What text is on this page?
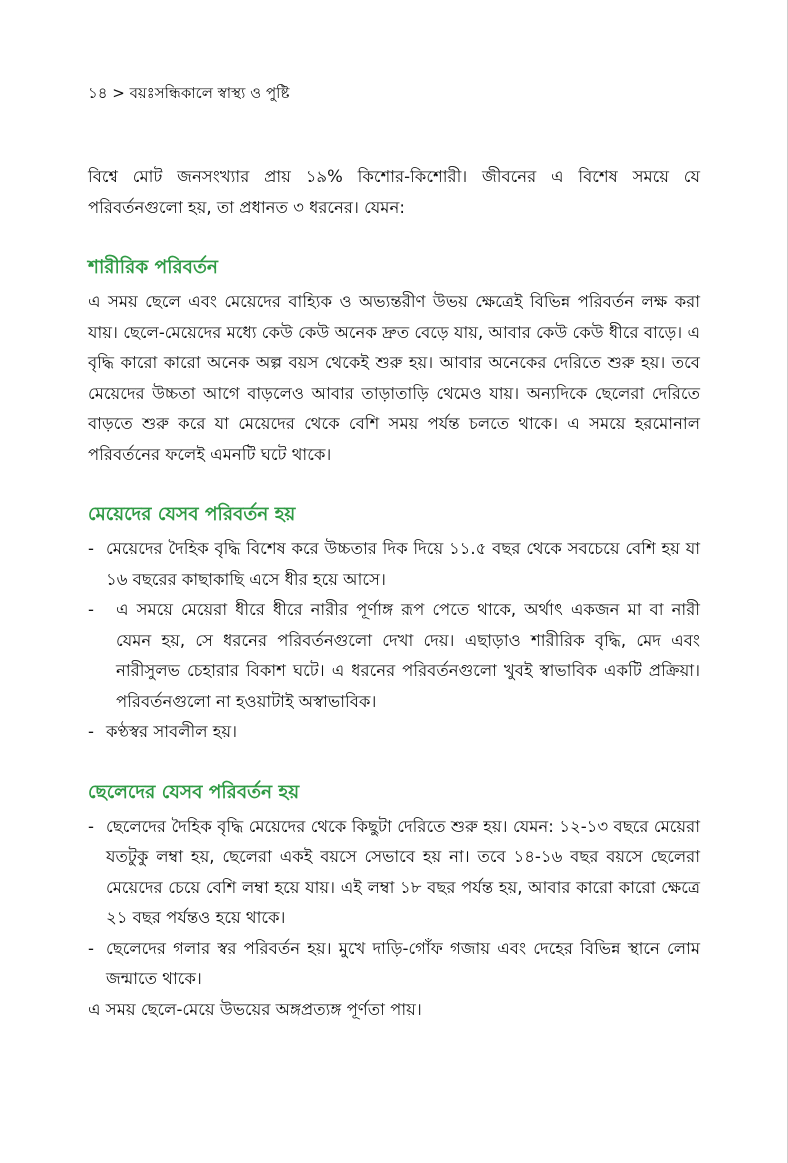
১৪ > বয়ঃসন্ধিকালে স্বাস্থ্য ও পুষ্টি

বিশ্বে মোট জনসংখ্যার প্রায় ১৯% কিশোর-কিশোরী। জীবনের এ বিশেষ সময়ে যে পরিবর্তনগুলো হয়, তা প্রধানত ৩ ধরনের। যেমন:

শারীরিক পরিবর্তন

এ সময় ছেলে এবং মেয়েদের বাহ্যিক ও অভ্যন্তরীণ উভয় ক্ষেত্রেই বিভিন্ন পরিবর্তন লক্ষ করা যায়। ছেলে-মেয়েদের মধ্যে কেউ কেউ অনেক দ্রুত বেড়ে যায়, আবার কেউ কেউ ধীরে বাড়ে। এ বৃদ্ধি কারো কারো অনেক অল্প বয়স থেকেই শুরু হয়। আবার অনেকের দেরিতে শুরু হয়। তবে মেয়েদের উচ্চতা আগে বাড়লেও আবার তাড়াতাড়ি থেমেও যায়। অন্যদিকে ছেলেরা দেরিতে বাড়তে শুরু করে যা মেয়েদের থেকে বেশি সময় পর্যন্ত চলতে থাকে। এ সময়ে হরমোনাল পরিবর্তনের ফলেই এমনটি ঘটে থাকে।

মেয়েদের যেসব পরিবর্তন হয়
- মেয়েদের দৈহিক বৃদ্ধি বিশেষ করে উচ্চতার দিক দিয়ে ১১.৫ বছর থেকে সবচেয়ে বেশি হয় যা ১৬ বছরের কাছাকাছি এসে ধীর হয়ে আসে।
- এ সময়ে মেয়েরা ধীরে ধীরে নারীর পূর্ণাঙ্গ রূপ পেতে থাকে, অর্থাৎ একজন মা বা নারী যেমন হয়, সে ধরনের পরিবর্তনগুলো দেখা দেয়। এছাড়াও শারীরিক বৃদ্ধি, মেদ এবং নারীসুলভ চেহারার বিকাশ ঘটে। এ ধরনের পরিবর্তনগুলো খুবই স্বাভাবিক একটি প্রক্রিয়া। পরিবর্তনগুলো না হওয়াটাই অস্বাভাবিক।
- কণ্ঠস্বর সাবলীল হয়।
ছেলেদের যেসব পরিবর্তন হয়
- ছেলেদের দৈহিক বৃদ্ধি মেয়েদের থেকে কিছুটা দেরিতে শুরু হয়। যেমন: ১২-১৩ বছরে মেয়েরা যতটুকু লম্বা হয়, ছেলেরা একই বয়সে সেভাবে হয় না। তবে ১৪-১৬ বছর বয়সে ছেলেরা মেয়েদের চেয়ে বেশি লম্বা হয়ে যায়। এই লম্বা ১৮ বছর পর্যন্ত হয়, আবার কারো কারো ক্ষেত্রে ২১ বছর পর্যন্তও হয়ে থাকে।
- ছেলেদের গলার স্বর পরিবর্তন হয়। মুখে দাড়ি-গোঁফ গজায় এবং দেহের বিভিন্ন স্থানে লোম জন্মাতে থাকে।

এ সময় ছেলে-মেয়ে উভয়ের অঙ্গপ্রত্যঙ্গ পূর্ণতা পায়।
